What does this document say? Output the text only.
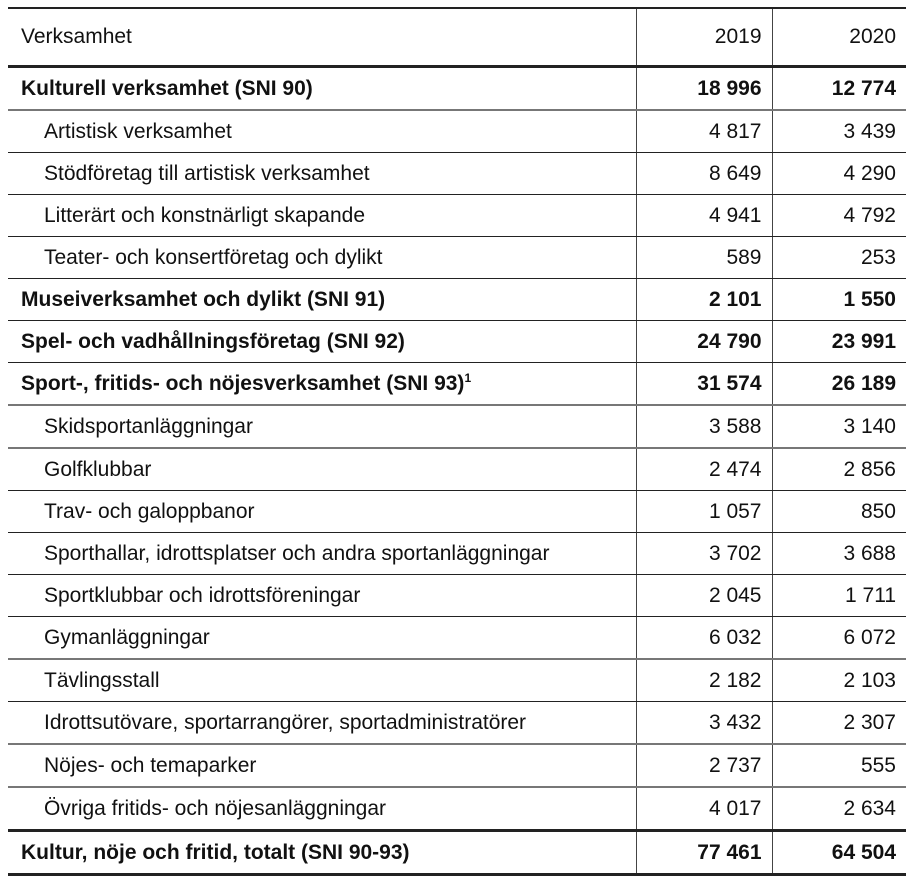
Verksamhet	2019	2020
Kulturell verksamhet (SNI 90)	18 996	12 774
Artistisk verksamhet	4 817	3 439
Stödföretag till artistisk verksamhet	8 649	4 290
Litterärt och konstnärligt skapande	4 941	4 792
Teater- och konsertföretag och dylikt	589	253
Museiverksamhet och dylikt (SNI 91)	2 101	1 550
Spel- och vadhållningsföretag (SNI 92)	24 790	23 991
Sport-, fritids- och nöjesverksamhet (SNI 93)$^1$	31 574	26 189
Skidsportanläggningar	3 588	3 140
Golfklubbar	2 474	2 856
Trav- och galoppbanor	1 057	850
Sporthallar, idrottsplatser och andra sportanläggningar	3 702	3 688
Sportklubbar och idrottsföreningar	2 045	1 711
Gymanläggningar	6 032	6 072
Tävlingsstall	2 182	2 103
Idrottsutövare, sportarrangörer, sportadministratörer	3 432	2 307
Nöjes- och temaparker	2 737	555
Övriga fritids- och nöjesanläggningar	4 017	2 634
Kultur, nöje och fritid, totalt (SNI 90-93)	77 461	64 504
